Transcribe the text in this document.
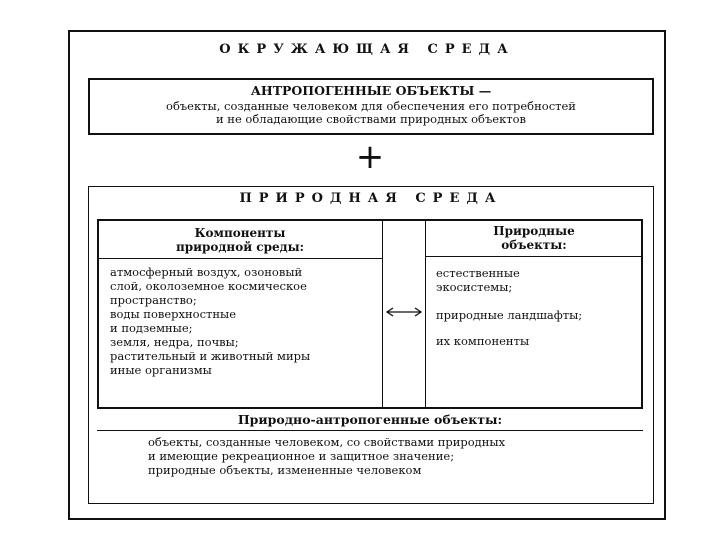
ОКРУЖАЮЩАЯ СРЕДА
АНТРОПОГЕННЫЕ ОБЪЕКТЫ —
объекты, созданные человеком для обеспечения его потребностей
и не обладающие свойствами природных объектов
+
ПРИРОДНАЯ СРЕДА
Компоненты
природной среды:
атмосферный воздух, озоновый
слой, околоземное космическое
пространство;
воды поверхностные
и подземные;
земля, недра, почвы;
растительный и животный миры
иные организмы
Природные
объекты:
естественные
экосистемы;
природные ландшафты;
их компоненты
Природно-антропогенные объекты:
объекты, созданные человеком, со свойствами природных
и имеющие рекреационное и защитное значение;
природные объекты, измененные человеком
